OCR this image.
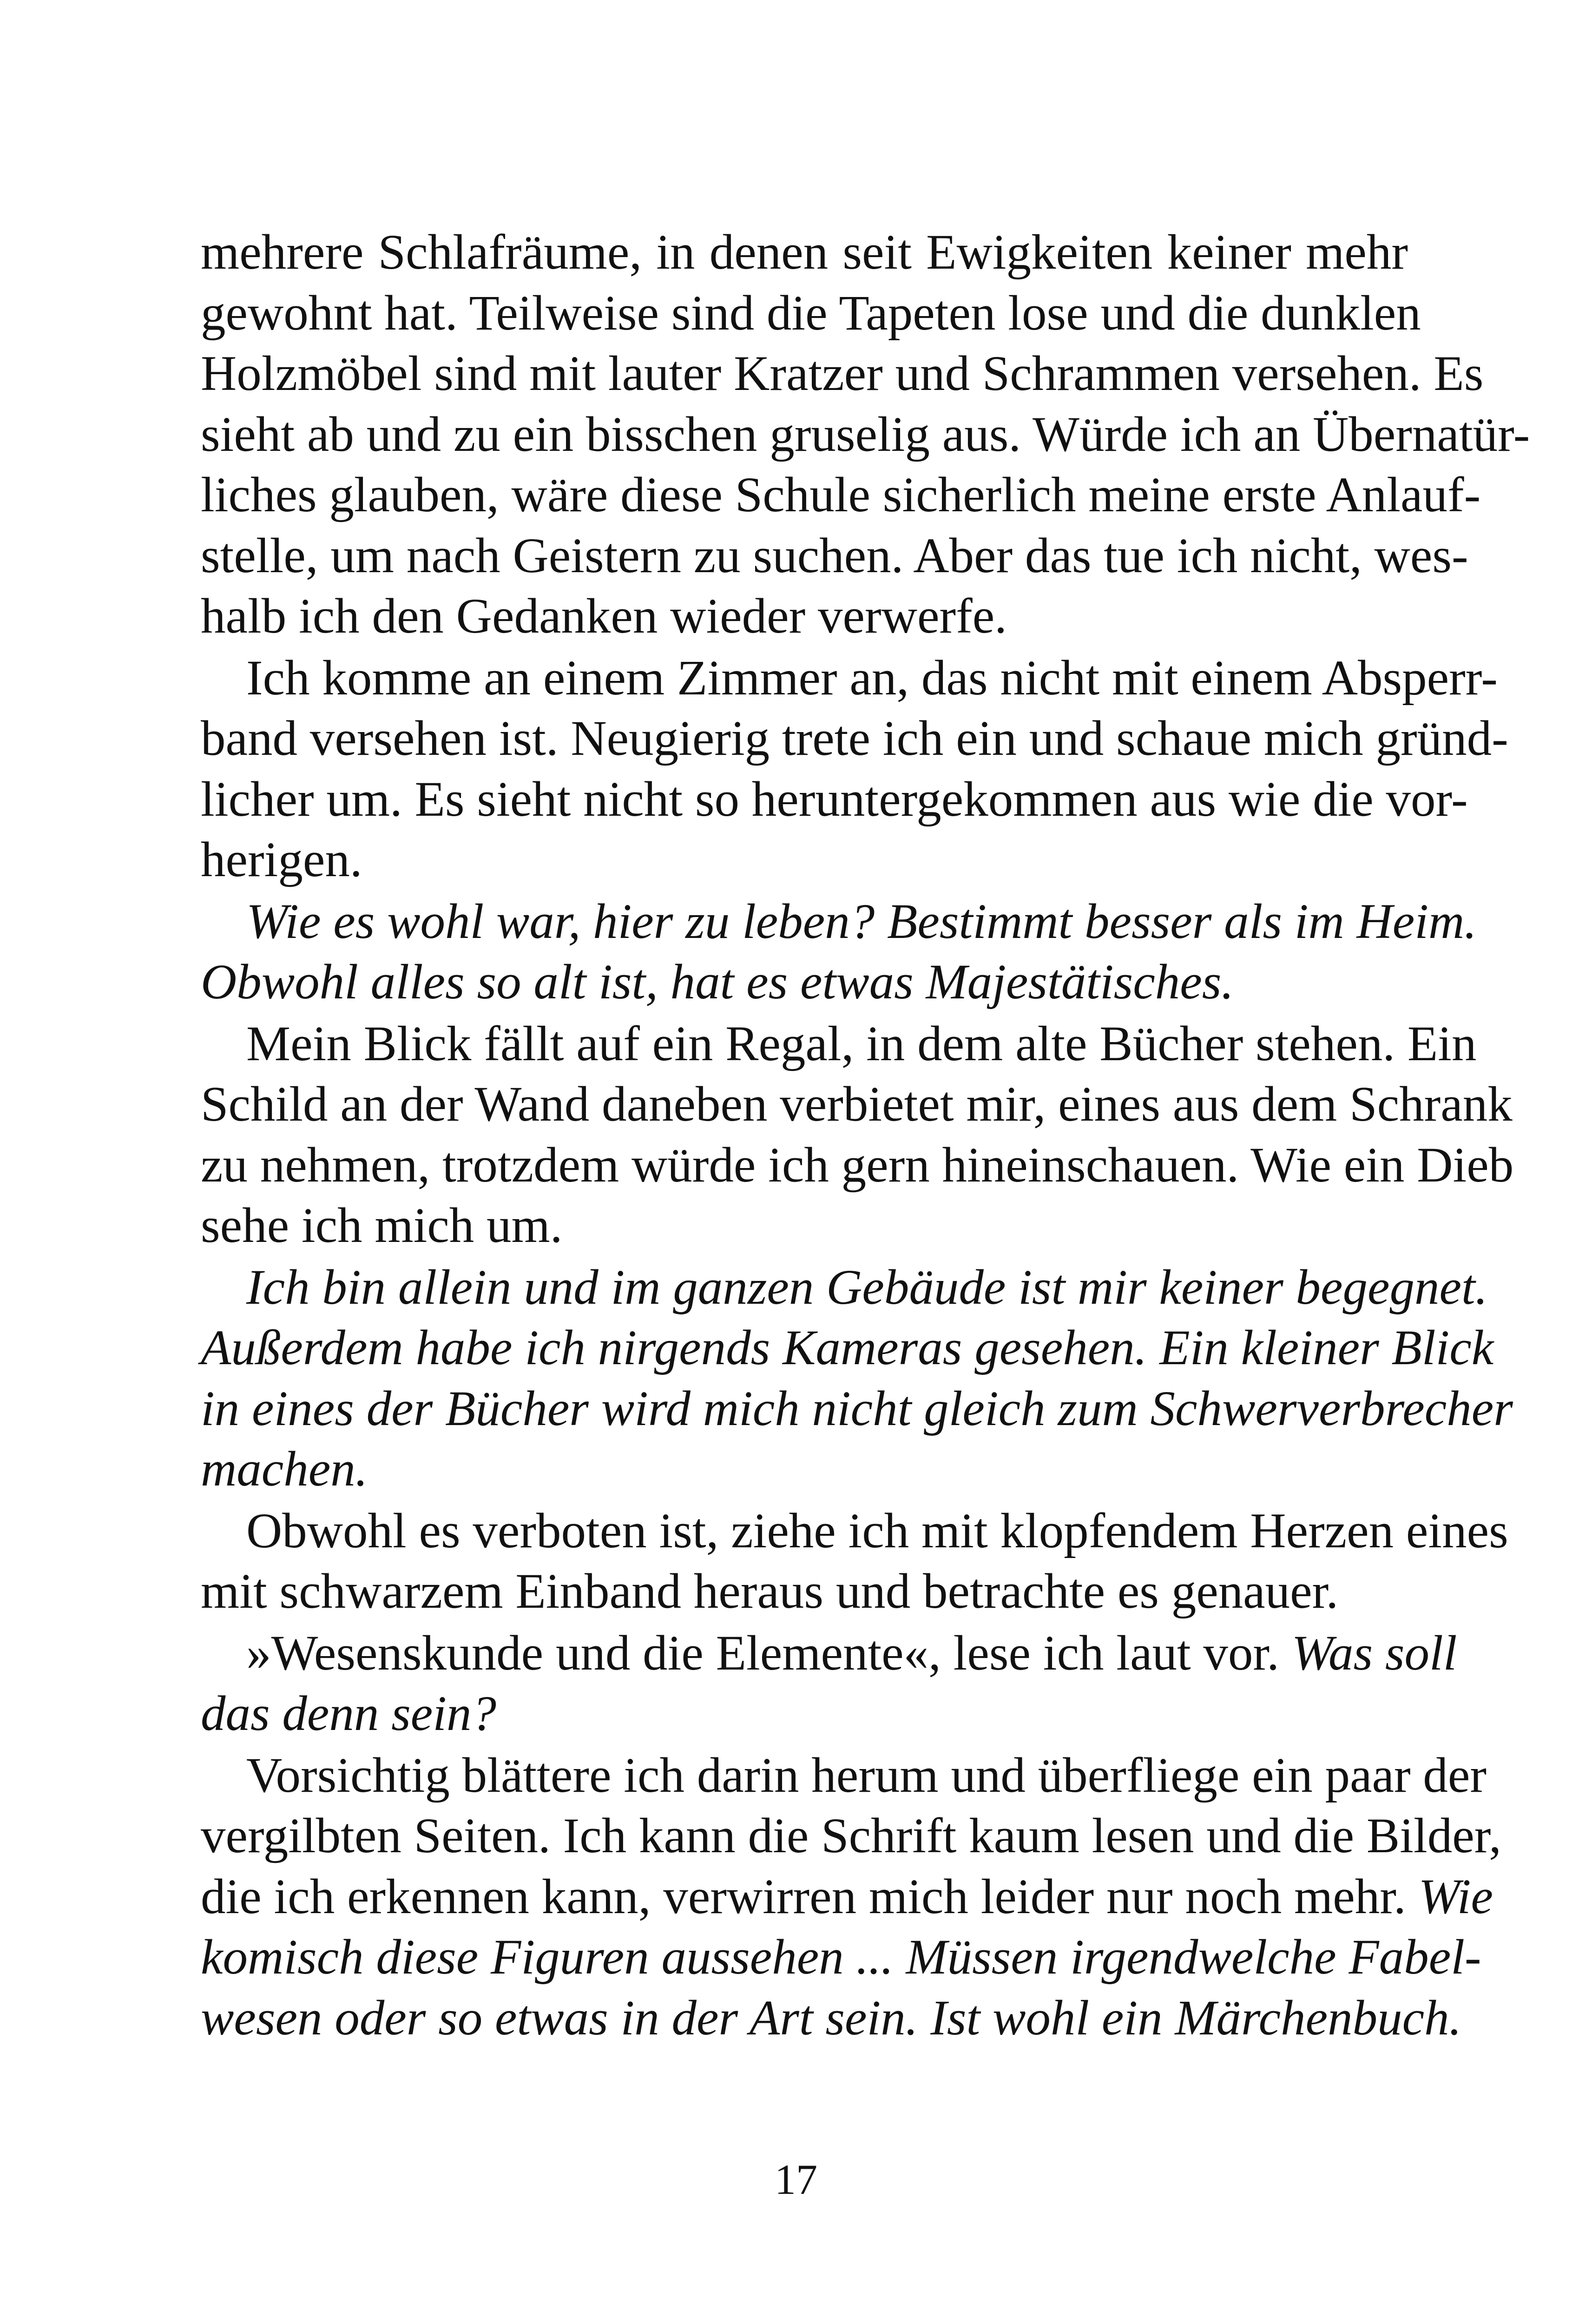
mehrere Schlafräume, in denen seit Ewigkeiten keiner mehr
gewohnt hat. Teilweise sind die Tapeten lose und die dunklen
Holzmöbel sind mit lauter Kratzer und Schrammen versehen. Es
sieht ab und zu ein bisschen gruselig aus. Würde ich an Übernatür-
liches glauben, wäre diese Schule sicherlich meine erste Anlauf-
stelle, um nach Geistern zu suchen. Aber das tue ich nicht, wes-
halb ich den Gedanken wieder verwerfe.
Ich komme an einem Zimmer an, das nicht mit einem Absperr-
band versehen ist. Neugierig trete ich ein und schaue mich gründ-
licher um. Es sieht nicht so heruntergekommen aus wie die vor-
herigen.
Wie es wohl war, hier zu leben? Bestimmt besser als im Heim.
Obwohl alles so alt ist, hat es etwas Majestätisches.
Mein Blick fällt auf ein Regal, in dem alte Bücher stehen. Ein
Schild an der Wand daneben verbietet mir, eines aus dem Schrank
zu nehmen, trotzdem würde ich gern hineinschauen. Wie ein Dieb
sehe ich mich um.
Ich bin allein und im ganzen Gebäude ist mir keiner begegnet.
Außerdem habe ich nirgends Kameras gesehen. Ein kleiner Blick
in eines der Bücher wird mich nicht gleich zum Schwerverbrecher
machen.
Obwohl es verboten ist, ziehe ich mit klopfendem Herzen eines
mit schwarzem Einband heraus und betrachte es genauer.
»Wesenskunde und die Elemente«, lese ich laut vor. Was soll
das denn sein?
Vorsichtig blättere ich darin herum und überfliege ein paar der
vergilbten Seiten. Ich kann die Schrift kaum lesen und die Bilder,
die ich erkennen kann, verwirren mich leider nur noch mehr. Wie
komisch diese Figuren aussehen ... Müssen irgendwelche Fabel-
wesen oder so etwas in der Art sein. Ist wohl ein Märchenbuch.
17
